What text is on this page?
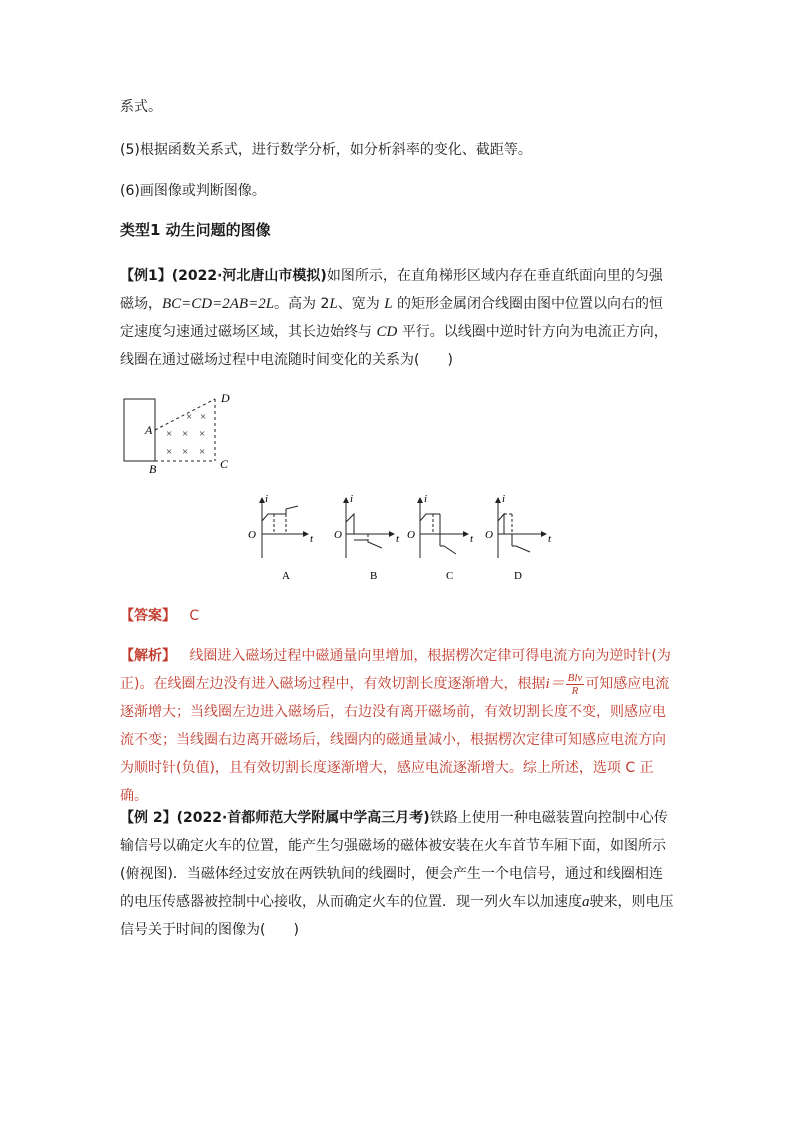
系式。
(5)根据函数关系式，进行数学分析，如分析斜率的变化、截距等。
(6)画图像或判断图像。
类型1 动生问题的图像
【例1】(2022·河北唐山市模拟)如图所示，在直角梯形区域内存在垂直纸面向里的匀强磁场，BC=CD=2AB=2L。高为 2L、宽为 L 的矩形金属闭合线圈由图中位置以向右的恒定速度匀速通过磁场区域，其长边始终与 CD 平行。以线圈中逆时针方向为电流正方向，线圈在通过磁场过程中电流随时间变化的关系为(　　)
× ×
× × ×
× × ×
A
B	C
D
i
t
O
A
i
t
O
B
i
t
O
C
i
t
O
D
【答案】 C
【解析】 线圈进入磁场过程中磁通量向里增加，根据楞次定律可得电流方向为逆时针(为正)。在线圈左边没有进入磁场过程中，有效切割长度逐渐增大，根据$i= \frac{\text{Blv}}{R}$ 可知感应电流逐渐增大；当线圈左边进入磁场后，右边没有离开磁场前，有效切割长度不变，则感应电流不变；当线圈右边离开磁场后，线圈内的磁通量减小，根据楞次定律可知感应电流方向为顺时针(负值)，且有效切割长度逐渐增大，感应电流逐渐增大。综上所述，选项 C 正确。
【例 2】(2022·首都师范大学附属中学高三月考)铁路上使用一种电磁装置向控制中心传输信号以确定火车的位置，能产生匀强磁场的磁体被安装在火车首节车厢下面，如图所示(俯视图)．当磁体经过安放在两铁轨间的线圈时，便会产生一个电信号，通过和线圈相连的电压传感器被控制中心接收，从而确定火车的位置．现一列火车以加速度a驶来，则电压信号关于时间的图像为(　　)
